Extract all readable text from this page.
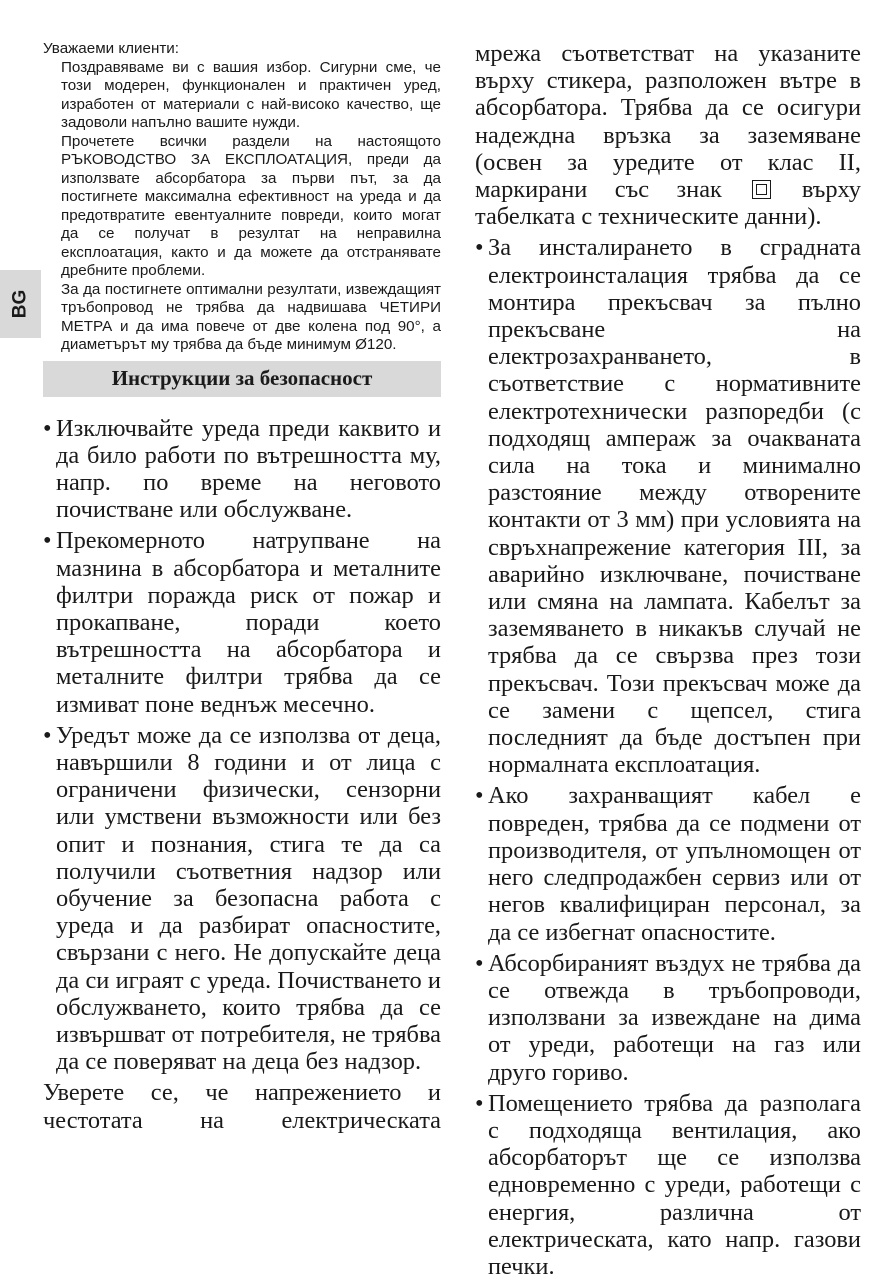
BG

Уважаеми клиенти:

Поздравяваме ви с вашия избор. Сигурни сме, че този модерен, функционален и практичен уред, изработен от материали с най-високо качество, ще задоволи напълно вашите нужди.

Прочетете всички раздели на настоящото РЪКОВОДСТВО ЗА ЕКСПЛОАТАЦИЯ, преди да използвате абсорбатора за първи път, за да постигнете максимална ефективност на уреда и да предотвратите евентуалните повреди, които могат да се получат в резултат на неправилна експлоатация, както и да можете да отстранявате дребните проблеми.

За да постигнете оптимални резултати, извеждащият тръбопровод не трябва да надвишава ЧЕТИРИ МЕТРА и да има повече от две колена под 90°, а диаметърът му трябва да бъде минимум Ø120.

Инструкции за безопасност
• Изключвайте уреда преди каквито и да било работи по вътрешността му, напр. по време на неговото почистване или обслужване.
• Прекомерното натрупване на мазнина в абсорбатора и металните филтри поражда риск от пожар и прокапване, поради което вътрешността на абсорбатора и металните филтри трябва да се измиват поне веднъж месечно.
• Уредът може да се използва от деца, навършили 8 години и от лица с ограничени физически, сензорни или умствени възможности или без опит и познания, стига те да са получили съответния надзор или обучение за безопасна работа с уреда и да разбират опасностите, свързани с него. Не допускайте деца да си играят с уреда. Почистването и обслужването, които трябва да се извършват от потребителя, не трябва да се поверяват на деца без надзор.

Уверете се, че напрежението и честотата на електрическата

мрежа съответстват на указаните върху стикера, разположен вътре в абсорбатора. Трябва да се осигури надеждна връзка за заземяване (освен за уредите от клас II, маркирани със знак	върху табелката с техническите данни).

• За инсталирането в сградната електроинсталация трябва да се монтира прекъсвач за пълно прекъсване на електрозахранването, в съответствие с нормативните електротехнически разпоредби (с подходящ ампераж за очакваната сила на тока и минимално разстояние между отворените контакти от 3 мм) при условията на свръхнапрежение категория III, за аварийно изключване, почистване или смяна на лампата. Кабелът за заземяването в никакъв случай не трябва да се свързва през този прекъсвач. Този прекъсвач може да се замени с щепсел, стига последният да бъде достъпен при нормалната експлоатация.
• Ако захранващият кабел е повреден, трябва да се подмени от производителя, от упълномощен от него следпродажбен сервиз или от негов квалифициран персонал, за да се избегнат опасностите.
• Абсорбираният въздух не трябва да се отвежда в тръбопроводи, използвани за извеждане на дима от уреди, работещи на газ или друго гориво.
• Помещението трябва да разполага с подходяща вентилация, ако абсорбаторът ще се използва едновременно с уреди, работещи с енергия, различна от електрическата, като напр. газови печки.
